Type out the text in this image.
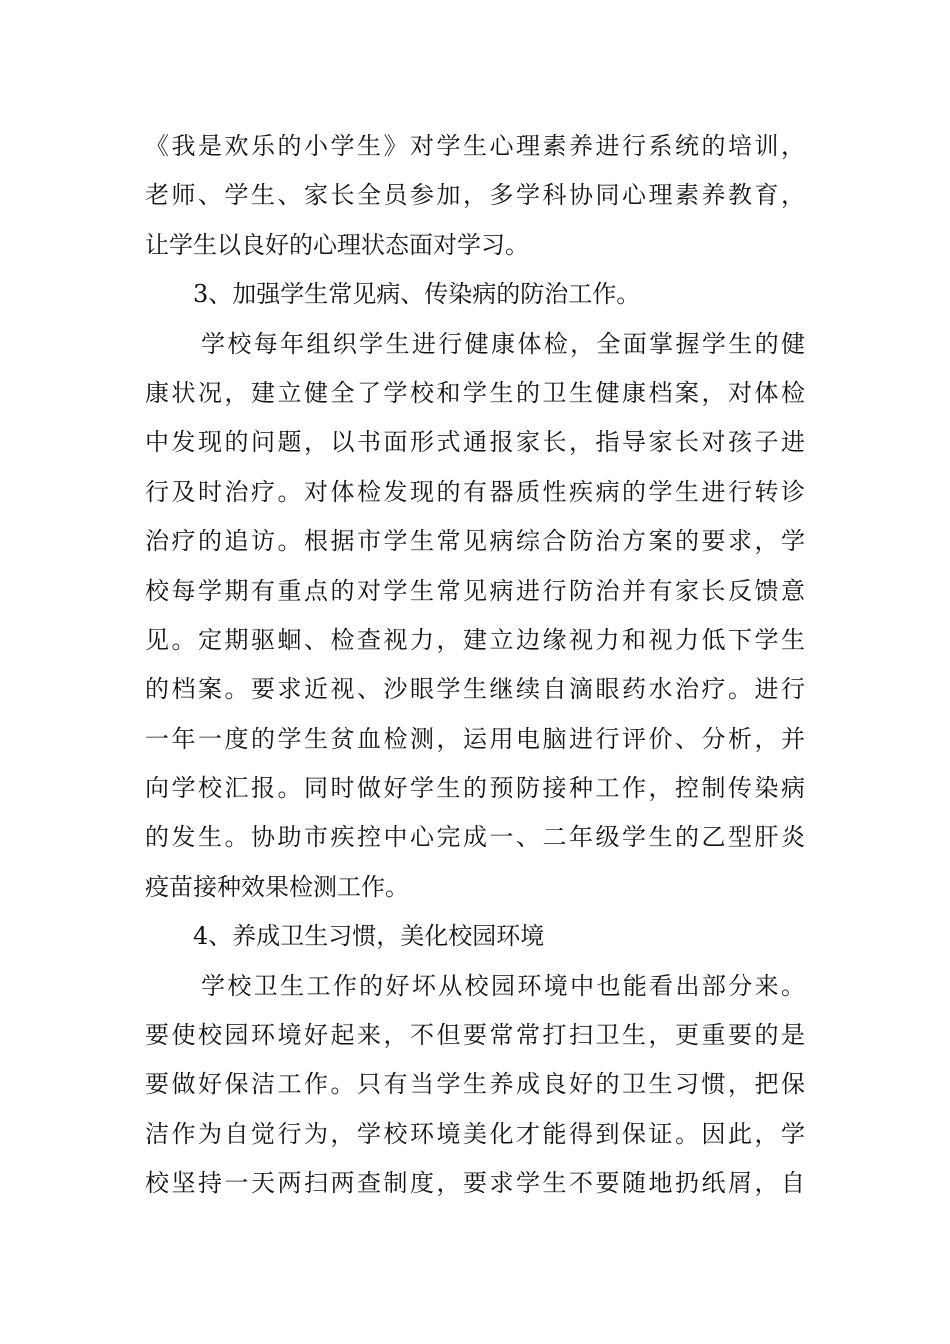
《我是欢乐的小学生》对学生心理素养进行系统的培训，
老师、学生、家长全员参加，多学科协同心理素养教育，
让学生以良好的心理状态面对学习。
3、加强学生常见病、传染病的防治工作。
学校每年组织学生进行健康体检，全面掌握学生的健
康状况，建立健全了学校和学生的卫生健康档案，对体检
中发现的问题，以书面形式通报家长，指导家长对孩子进
行及时治疗。对体检发现的有器质性疾病的学生进行转诊
治疗的追访。根据市学生常见病综合防治方案的要求，学
校每学期有重点的对学生常见病进行防治并有家长反馈意
见。定期驱蛔、检查视力，建立边缘视力和视力低下学生
的档案。要求近视、沙眼学生继续自滴眼药水治疗。进行
一年一度的学生贫血检测，运用电脑进行评价、分析，并
向学校汇报。同时做好学生的预防接种工作，控制传染病
的发生。协助市疾控中心完成一、二年级学生的乙型肝炎
疫苗接种效果检测工作。
4、养成卫生习惯，美化校园环境
学校卫生工作的好坏从校园环境中也能看出部分来。
要使校园环境好起来，不但要常常打扫卫生，更重要的是
要做好保洁工作。只有当学生养成良好的卫生习惯，把保
洁作为自觉行为，学校环境美化才能得到保证。因此，学
校坚持一天两扫两查制度，要求学生不要随地扔纸屑，自
